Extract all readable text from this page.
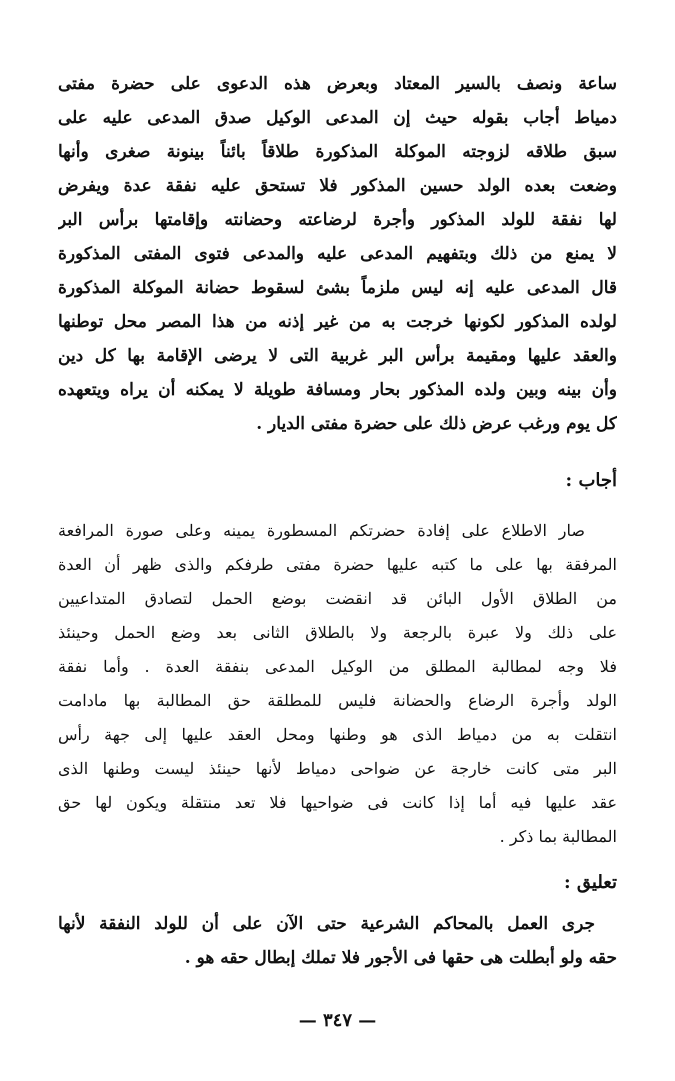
ساعة ونصف بالسير المعتاد وبعرض هذه الدعوى على حضرة مفتى
دمياط أجاب بقوله حيث إن المدعى الوكيل صدق المدعى عليه على
سبق طلاقه لزوجته الموكلة المذكورة طلاقاً بائناً بينونة صغرى وأنها
وضعت بعده الولد حسين المذكور فلا تستحق عليه نفقة عدة ويفرض
لها نفقة للولد المذكور وأجرة لرضاعته وحضانته وإقامتها برأس البر
لا يمنع من ذلك وبتفهيم المدعى عليه والمدعى فتوى المفتى المذكورة
قال المدعى عليه إنه ليس ملزماً بشئ لسقوط حضانة الموكلة المذكورة
لولده المذكور لكونها خرجت به من غير إذنه من هذا المصر محل توطنها
والعقد عليها ومقيمة برأس البر غربية التى لا يرضى الإقامة بها كل دين
وأن بينه وبين ولده المذكور بحار ومسافة طويلة لا يمكنه أن يراه ويتعهده
كل يوم ورغب عرض ذلك على حضرة مفتى الديار .
أجاب :
صار الاطلاع على إفادة حضرتكم المسطورة يمينه وعلى صورة المرافعة
المرفقة بها على ما كتبه عليها حضرة مفتى طرفكم والذى ظهر أن العدة
من الطلاق الأول البائن قد انقضت بوضع الحمل لتصادق المتداعيين
على ذلك ولا عبرة بالرجعة ولا بالطلاق الثانى بعد وضع الحمل وحينئذ
فلا وجه لمطالبة المطلق من الوكيل المدعى بنفقة العدة . وأما نفقة
الولد وأجرة الرضاع والحضانة فليس للمطلقة حق المطالبة بها مادامت
انتقلت به من دمياط الذى هو وطنها ومحل العقد عليها إلى جهة رأس
البر متى كانت خارجة عن ضواحى دمياط لأنها حينئذ ليست وطنها الذى
عقد عليها فيه أما إذا كانت فى ضواحيها فلا تعد منتقلة ويكون لها حق
المطالبة بما ذكر .
تعليق :
جرى العمل بالمحاكم الشرعية حتى الآن على أن للولد النفقة لأنها
حقه ولو أبطلت هى حقها فى الأجور فلا تملك إبطال حقه هو .
— ٣٤٧ —
